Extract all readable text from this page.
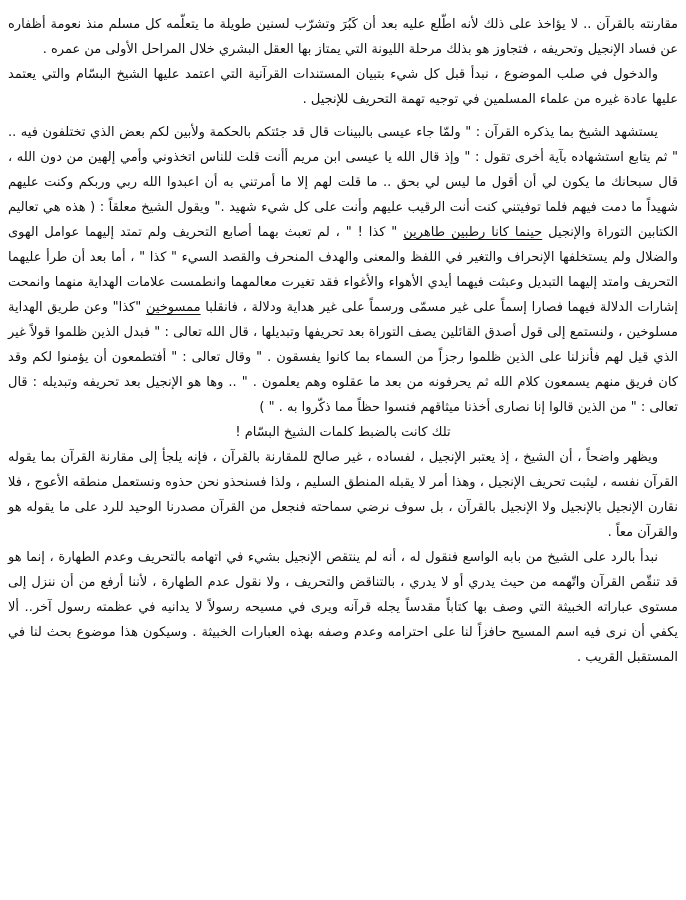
مقارنته بالقرآن .. لا يؤاخذ على ذلك لأنه اطّلع عليه بعد أن كَبُرَ وتشرّب لسنين طويلة ما يتعلّمه كل مسلم منذ نعومة أظفاره عن فساد الإنجيل وتحريفه ، فتجاوز هو بذلك مرحلة الليونة التي يمتاز بها العقل البشري خلال المراحل الأولى من عمره .

والدخول في صلب الموضوع ، نبدأ قبل كل شيء بتبيان المستندات القرآنية التي اعتمد عليها الشيخ البسّام والتي يعتمد عليها عادة غيره من علماء المسلمين في توجيه تهمة التحريف للإنجيل .

يستشهد الشيخ بما يذكره القرآن : " ولمّا جاء عيسى بالبينات قال قد جئتكم بالحكمة ولأبين لكم بعض الذي تختلفون فيه .. " ثم يتابع استشهاده بآية أخرى تقول : " وإذ قال الله يا عيسى ابن مريم أأنت قلت للناس اتخذوني وأمي إلهين من دون الله ، قال سبحانك ما يكون لي أن أقول ما ليس لي بحق .. ما قلت لهم إلا ما أمرتني به أن اعبدوا الله ربي وربكم وكنت عليهم شهيداً ما دمت فيهم فلما توفيتني كنت أنت الرقيب عليهم وأنت على كل شيء شهيد ." ويقول الشيخ معلقاً : ( هذه هي تعاليم الكتابين التوراة والإنجيل حينما كانا رطبين طاهرين " كذا ! " ، لم تعبث بهما أصابع التحريف ولم تمتد إليهما عوامل الهوى والضلال ولم يستخلفها الإنحراف والتغير في اللفظ والمعنى والهدف المنحرف والقصد السيء " كذا " ، أما بعد أن طرأ عليهما التحريف وامتد إليهما التبديل وعبثت فيهما أيدي الأهواء والأغواء فقد تغيرت معالمهما وانطمست علامات الهداية منهما وانمحت إشارات الدلالة فيهما فصارا إسماً على غير مسمّى ورسماً على غير هداية ودلالة ، فانقلبا ممسوخين "كذا" وعن طريق الهداية مسلوخين ، ولنستمع إلى قول أصدق القائلين يصف التوراة بعد تحريفها وتبديلها ، قال الله تعالى : " فبدل الذين ظلموا قولاً غير الذي قيل لهم فأنزلنا على الذين ظلموا رجزاً من السماء بما كانوا يفسقون . " وقال تعالى : " أفتطمعون أن يؤمنوا لكم وقد كان فريق منهم يسمعون كلام الله ثم يحرفونه من بعد ما عقلوه وهم يعلمون . " .. وها هو الإنجيل بعد تحريفه وتبديله : قال تعالى : " من الذين قالوا إنا نصارى أخذنا ميثاقهم فنسوا حظاً مما ذكّروا به . " )

تلك كانت بالضبط كلمات الشيخ البسّام !

ويظهر واضحاً ، أن الشيخ ، إذ يعتبر الإنجيل ، لفساده ، غير صالح للمقارنة بالقرآن ، فإنه يلجأ إلى مقارنة القرآن بما يقوله القرآن نفسه ، ليثبت تحريف الإنجيل ، وهذا أمر لا يقبله المنطق السليم ، ولذا فسنحذو نحن حذوه ونستعمل منطقه الأعوج ، فلا نقارن الإنجيل بالإنجيل ولا الإنجيل بالقرآن ، بل سوف نرضي سماحته فنجعل من القرآن مصدرنا الوحيد للرد على ما يقوله هو والقرآن معاً .

نبدأ بالرد على الشيخ من بابه الواسع فنقول له ، أنه لم ينتقص الإنجيل بشيء في اتهامه بالتحريف وعدم الطهارة ، إنما هو قد تنقّص القرآن واتّهمه من حيث يدري أو لا يدري ، بالتناقض والتحريف ، ولا نقول عدم الطهارة ، لأننا أرفع من أن ننزل إلى مستوى عباراته الخبيثة التي وصف بها كتاباً مقدساً يجله قرآنه ويرى في مسيحه رسولاً لا يدانيه في عظمته رسول آخر.. ألا يكفي أن نرى فيه اسم المسيح حافزاً لنا على احترامه وعدم وصفه بهذه العبارات الخبيثة . وسيكون هذا موضوع بحث لنا في المستقبل القريب .
